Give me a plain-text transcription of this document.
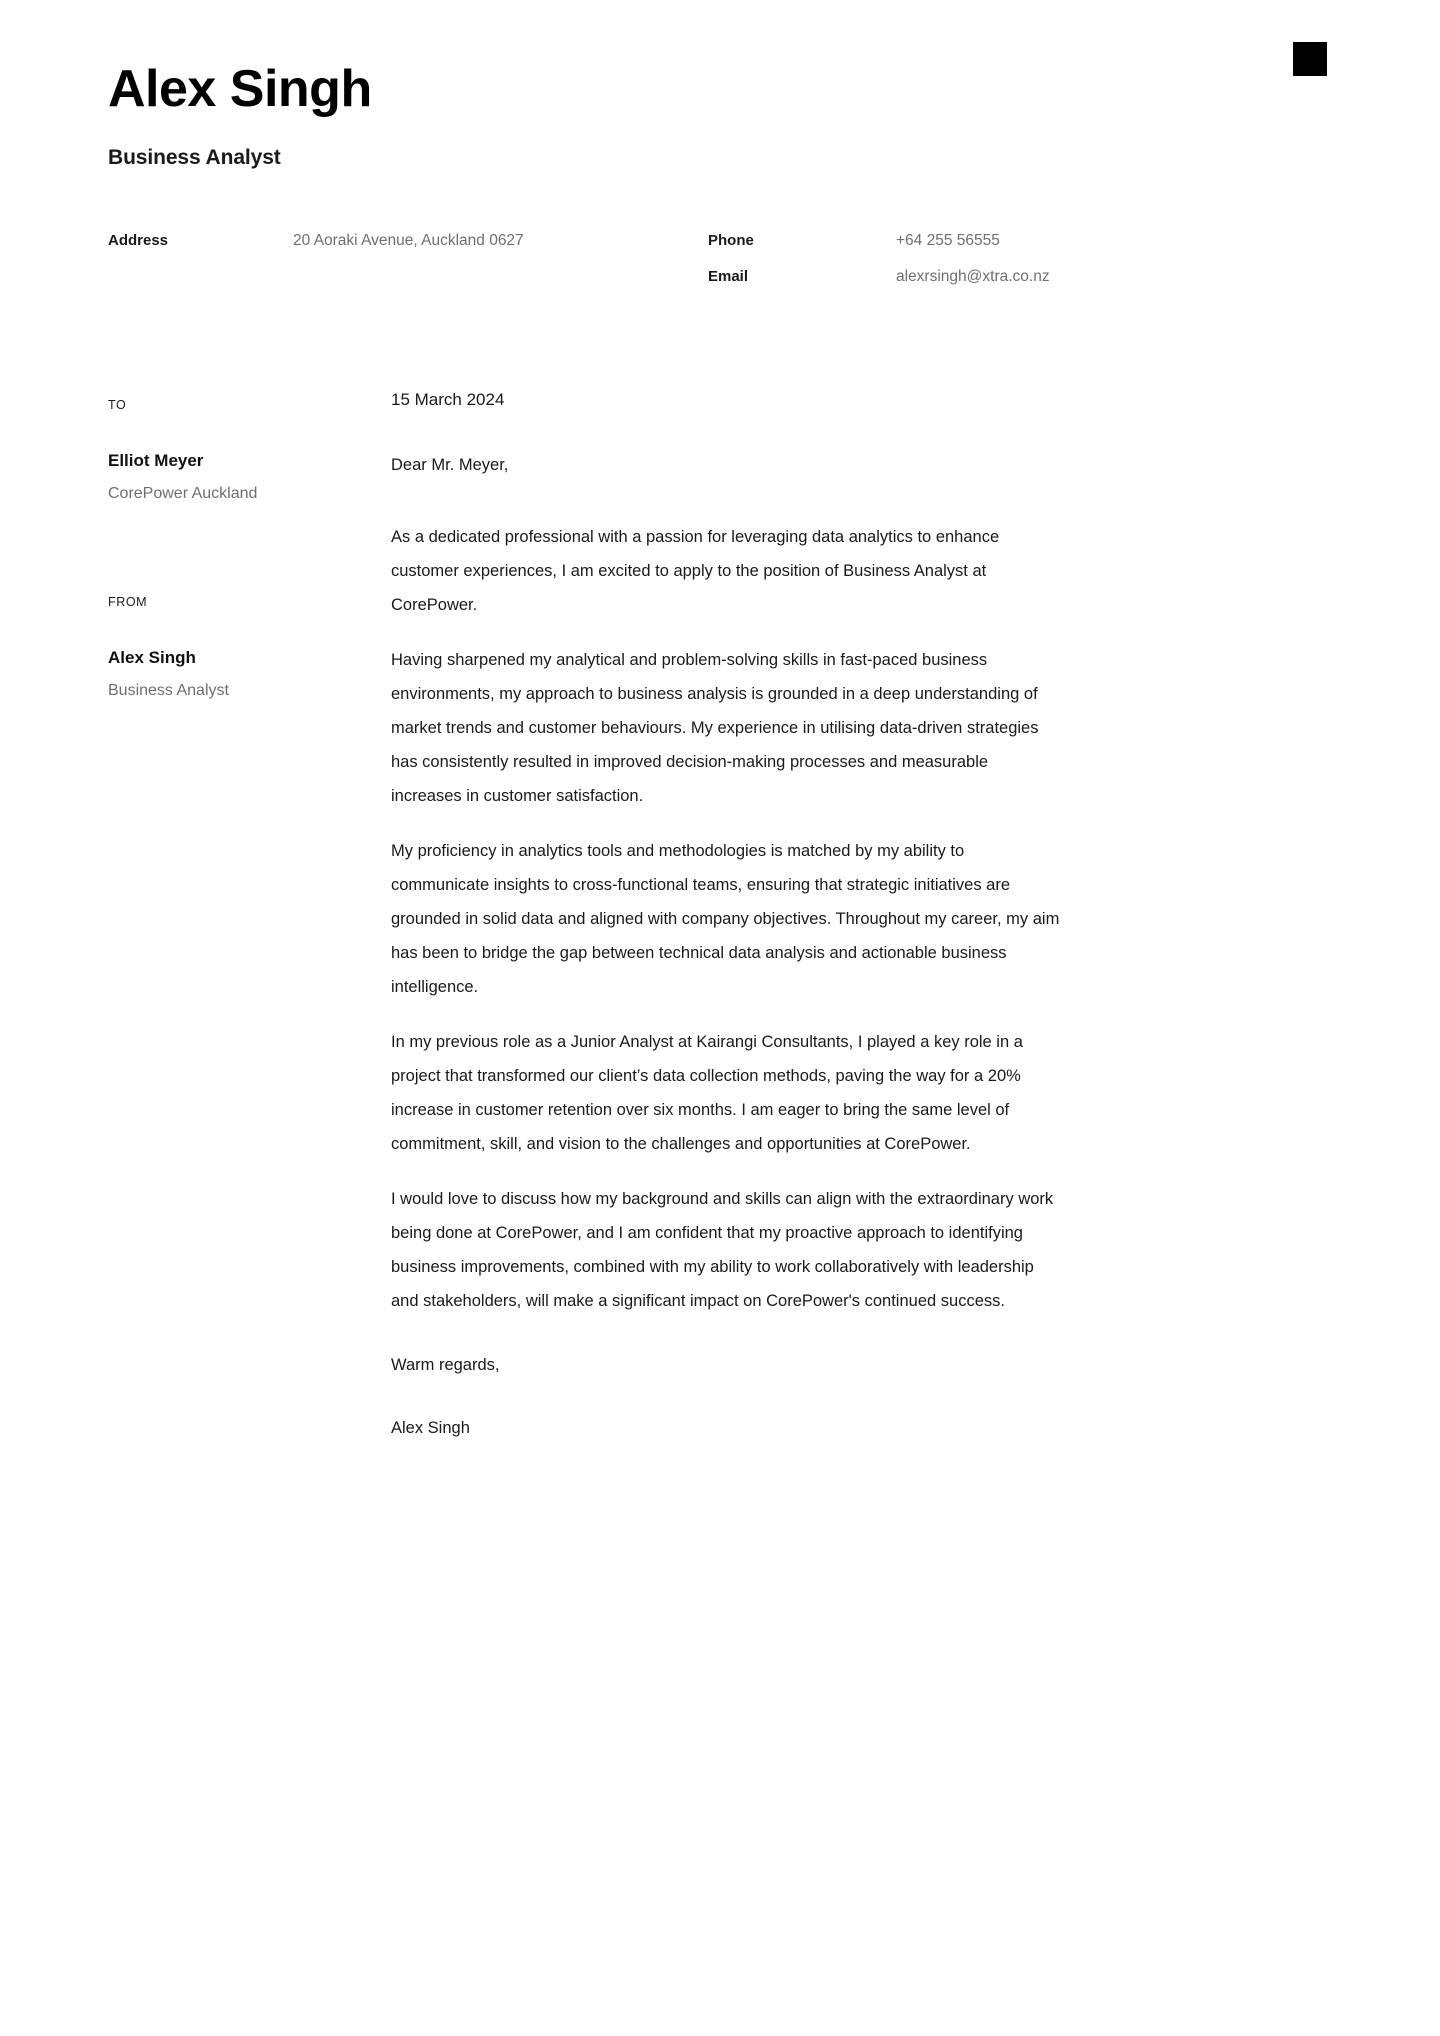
Alex Singh
Business Analyst
Address	20 Aoraki Avenue, Auckland 0627	Phone	+64 255 56555
Email	alexrsingh@xtra.co.nz
TO
Elliot Meyer
CorePower Auckland
FROM
Alex Singh
Business Analyst
15 March 2024
Dear Mr. Meyer,

As a dedicated professional with a passion for leveraging data analytics to enhance customer experiences, I am excited to apply to the position of Business Analyst at CorePower.

Having sharpened my analytical and problem-solving skills in fast-paced business environments, my approach to business analysis is grounded in a deep understanding of market trends and customer behaviours. My experience in utilising data-driven strategies has consistently resulted in improved decision-making processes and measurable increases in customer satisfaction.

My proficiency in analytics tools and methodologies is matched by my ability to communicate insights to cross-functional teams, ensuring that strategic initiatives are grounded in solid data and aligned with company objectives. Throughout my career, my aim has been to bridge the gap between technical data analysis and actionable business intelligence.

In my previous role as a Junior Analyst at Kairangi Consultants, I played a key role in a project that transformed our client’s data collection methods, paving the way for a 20% increase in customer retention over six months. I am eager to bring the same level of commitment, skill, and vision to the challenges and opportunities at CorePower.

I would love to discuss how my background and skills can align with the extraordinary work being done at CorePower, and I am confident that my proactive approach to identifying business improvements, combined with my ability to work collaboratively with leadership and stakeholders, will make a significant impact on CorePower's continued success.

Warm regards,
Alex Singh
